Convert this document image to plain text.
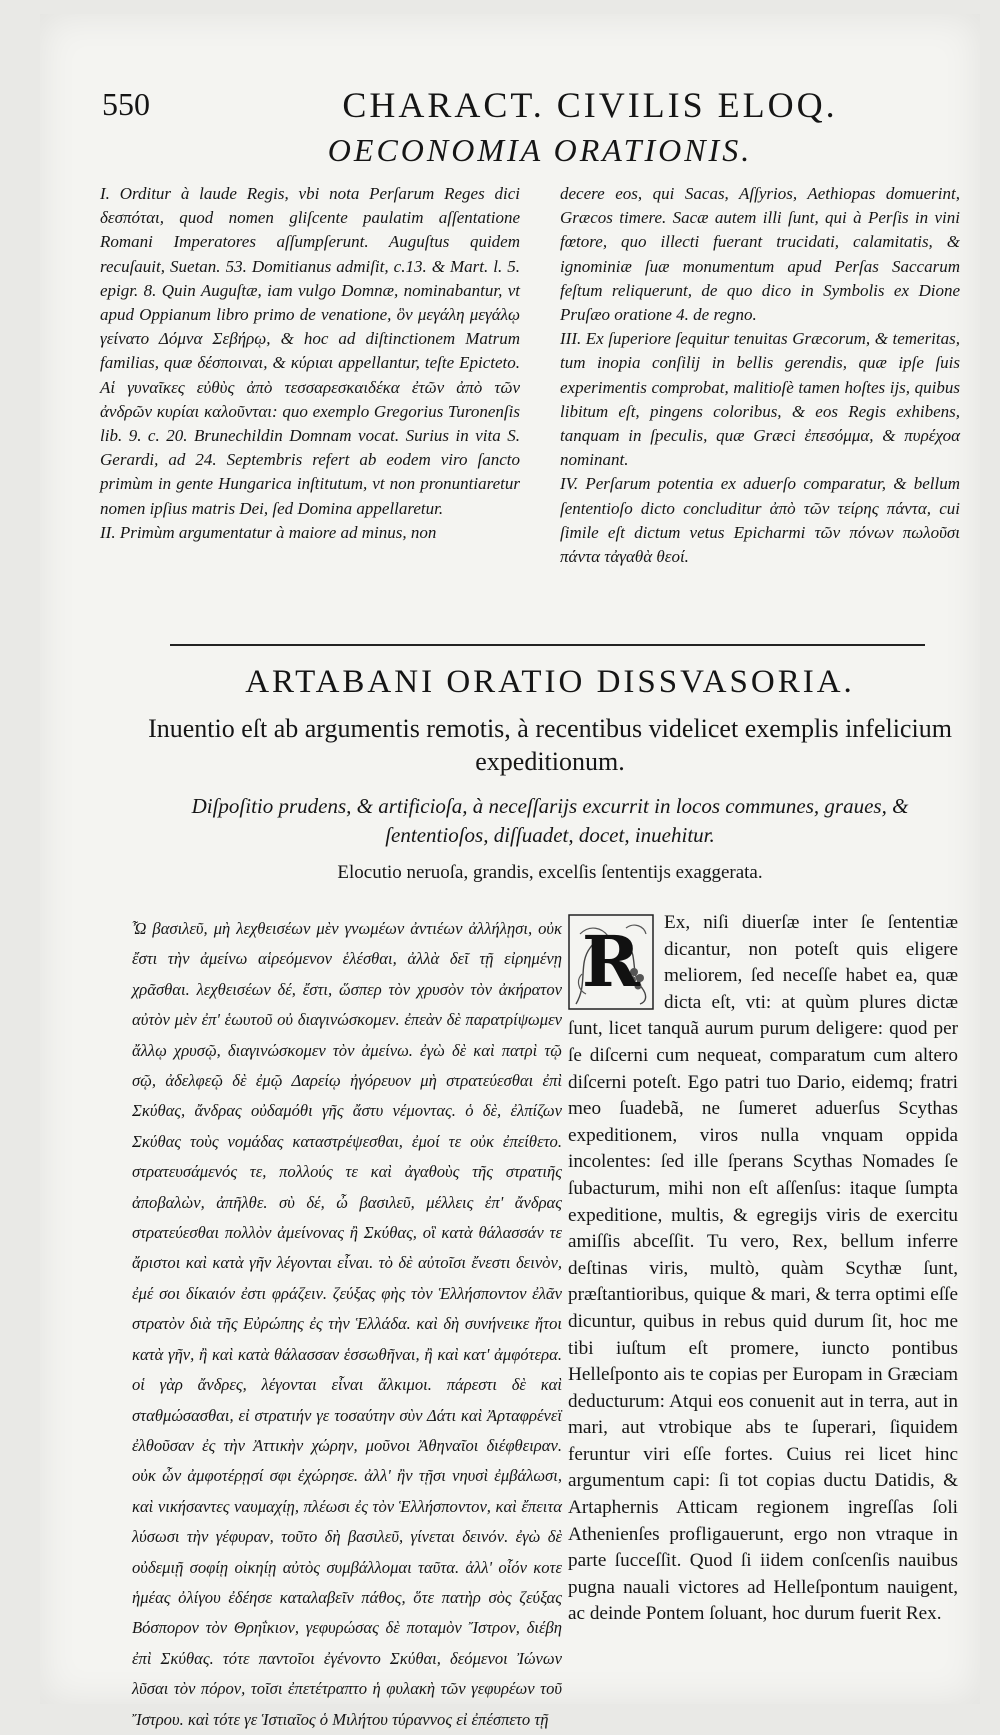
550	CHARACT. CIVILIS ELOQ.
OECONOMIA ORATIONIS.

I. Orditur à laude Regis, vbi nota Perſarum Reges dici δεσπόται, quod nomen gliſcente paulatim aſſentatione Romani Imperatores aſſumpſerunt. Auguſtus quidem recuſauit, Suetan. 53. Domitianus admiſit, c.13. & Mart. l. 5. epigr. 8. Quin Auguſtæ, iam vulgo Domnæ, nominabantur, vt apud Oppianum libro primo de venatione, ὃν μεγάλη μεγάλῳ γείνατο Δόμνα Σεβήρῳ, & hoc ad diſtinctionem Matrum familias, quæ δέσποιναι, & κύριαι appellantur, teſte Epicteto. Αἱ γυναῖκες εὐθὺς ἀπὸ τεσσαρεσκαιδέκα ἐτῶν ἀπὸ τῶν ἀνδρῶν κυρίαι καλοῦνται: quo exemplo Gregorius Turonenſis lib. 9. c. 20. Brunechildin Domnam vocat. Surius in vita S. Gerardi, ad 24. Septembris refert ab eodem viro ſancto primùm in gente Hungarica inſtitutum, vt non pronuntiaretur nomen ipſius matris Dei, ſed Domina appellaretur.

II. Primùm argumentatur à maiore ad minus, non

decere eos, qui Sacas, Aſſyrios, Aethiopas domuerint, Græcos timere. Sacæ autem illi ſunt, qui à Perſis in vini fœtore, quo illecti fuerant trucidati, calamitatis, & ignominiæ ſuæ monumentum apud Perſas Saccarum feſtum reliquerunt, de quo dico in Symbolis ex Dione Pruſæo oratione 4. de regno.

III. Ex ſuperiore ſequitur tenuitas Græcorum, & temeritas, tum inopia conſilij in bellis gerendis, quæ ipſe ſuis experimentis comprobat, malitioſè tamen hoſtes ijs, quibus libitum eſt, pingens coloribus, & eos Regis exhibens, tanquam in ſpeculis, quæ Græci ἐπεσόμμα, & πυρέχοα nominant.

IV. Perſarum potentia ex aduerſo comparatur, & bellum ſententioſo dicto concluditur ἀπὸ τῶν τείρης πάντα, cui ſimile eſt dictum vetus Epicharmi τῶν πόνων πωλοῦσι πάντα τἀγαθὰ θεοί.

ARTABANI ORATIO DISSVASORIA.
Inuentio eſt ab argumentis remotis, à recentibus videlicet exemplis infelicium expeditionum.
Diſpoſitio prudens, & artificioſa, à neceſſarijs excurrit in locos communes, graues, & ſententioſos, diſſuadet, docet, inuehitur.
Elocutio neruoſa, grandis, excelſis ſententijs exaggerata.
Ὦ βασιλεῦ, μὴ λεχθεισέων μὲν γνωμέων ἀντιέων ἀλλήλῃσι, οὐκ ἔστι τὴν ἀμείνω αἱρεόμενον ἑλέσθαι, ἀλλὰ δεῖ τῇ εἰρημένῃ χρᾶσθαι. λεχθεισέων δέ, ἔστι, ὥσπερ τὸν χρυσὸν τὸν ἀκήρατον αὐτὸν μὲν ἐπ' ἑωυτοῦ οὐ διαγινώσκομεν. ἐπεὰν δὲ παρατρίψωμεν ἄλλῳ χρυσῷ, διαγινώσκομεν τὸν ἀμείνω. ἐγὼ δὲ καὶ πατρὶ τῷ σῷ, ἀδελφεῷ δὲ ἐμῷ Δαρείῳ ἠγόρευον μὴ στρατεύεσθαι ἐπὶ Σκύθας, ἄνδρας οὐδαμόθι γῆς ἄστυ νέμοντας. ὁ δὲ, ἐλπίζων Σκύθας τοὺς νομάδας καταστρέψεσθαι, ἐμοί τε οὐκ ἐπείθετο. στρατευσάμενός τε, πολλούς τε καὶ ἀγαθοὺς τῆς στρατιῆς ἀποβαλὼν, ἀπῆλθε. σὺ δέ, ὦ βασιλεῦ, μέλλεις ἐπ' ἄνδρας στρατεύεσθαι πολλὸν ἀμείνονας ἢ Σκύθας, οἳ κατὰ θάλασσάν τε ἄριστοι καὶ κατὰ γῆν λέγονται εἶναι. τὸ δὲ αὐτοῖσι ἔνεστι δεινὸν, ἐμέ σοι δίκαιόν ἐστι φράζειν. ζεύξας φὴς τὸν Ἑλλήσποντον ἐλᾶν στρατὸν διὰ τῆς Εὐρώπης ἐς τὴν Ἑλλάδα. καὶ δὴ συνήνεικε ἤτοι κατὰ γῆν, ἢ καὶ κατὰ θάλασσαν ἑσσωθῆναι, ἢ καὶ κατ' ἀμφότερα. οἱ γὰρ ἄνδρες, λέγονται εἶναι ἄλκιμοι. πάρεστι δὲ καὶ σταθμώσασθαι, εἰ στρατιήν γε τοσαύτην σὺν Δάτι καὶ Ἀρταφρένεϊ ἐλθοῦσαν ἐς τὴν Ἀττικὴν χώρην, μοῦνοι Ἀθηναῖοι διέφθειραν. οὐκ ὦν ἀμφοτέρῃσί σφι ἐχώρησε. ἀλλ' ἢν τῇσι νηυσὶ ἐμβάλωσι, καὶ νικήσαντες ναυμαχίῃ, πλέωσι ἐς τὸν Ἑλλήσποντον, καὶ ἔπειτα λύσωσι τὴν γέφυραν, τοῦτο δὴ βασιλεῦ, γίνεται δεινόν. ἐγὼ δὲ οὐδεμιῇ σοφίῃ οἰκηίῃ αὐτὸς συμβάλλομαι ταῦτα. ἀλλ' οἷόν κοτε ἡμέας ὀλίγου ἐδέησε καταλαβεῖν πάθος, ὅτε πατὴρ σὸς ζεύξας Βόσπορον τὸν Θρηΐκιον, γεφυρώσας δὲ ποταμὸν Ἴστρον, διέβη ἐπὶ Σκύθας. τότε παντοῖοι ἐγένοντο Σκύθαι, δεόμενοι Ἰώνων λῦσαι τὸν πόρον, τοῖσι ἐπετέτραπτο ἡ φυλακὴ τῶν γεφυρέων τοῦ Ἴστρου. καὶ τότε γε Ἱστιαῖος ὁ Μιλήτου τύραννος εἰ ἐπέσπετο τῇ
R Ex, niſi diuerſæ inter ſe ſententiæ dicantur, non poteſt quis eligere meliorem, ſed neceſſe habet ea, quæ dicta eſt, vti: at quùm plures dictæ ſunt, licet tanquã aurum purum deligere: quod per ſe diſcerni cum nequeat, comparatum cum altero diſcerni poteſt. Ego patri tuo Dario, eidemq; fratri meo ſuadebã, ne ſumeret aduerſus Scythas expeditionem, viros nulla vnquam oppida incolentes: ſed ille ſperans Scythas Nomades ſe ſubacturum, mihi non eſt aſſenſus: itaque ſumpta expeditione, multis, & egregijs viris de exercitu amiſſis abceſſit. Tu vero, Rex, bellum inferre deſtinas viris, multò, quàm Scythæ ſunt, præſtantioribus, quique & mari, & terra optimi eſſe dicuntur, quibus in rebus quid durum ſit, hoc me tibi iuſtum eſt promere, iuncto pontibus Helleſponto ais te copias per Europam in Græciam deducturum: Atqui eos conuenit aut in terra, aut in mari, aut vtrobique abs te ſuperari, ſiquidem feruntur viri eſſe fortes. Cuius rei licet hinc argumentum capi: ſi tot copias ductu Datidis, & Artaphernis Atticam regionem ingreſſas ſoli Athenienſes profligauerunt, ergo non vtraque in parte ſucceſſit. Quod ſi iidem conſcenſis nauibus pugna nauali victores ad Helleſpontum nauigent, ac deinde Pontem ſoluant, hoc durum fuerit Rex.
